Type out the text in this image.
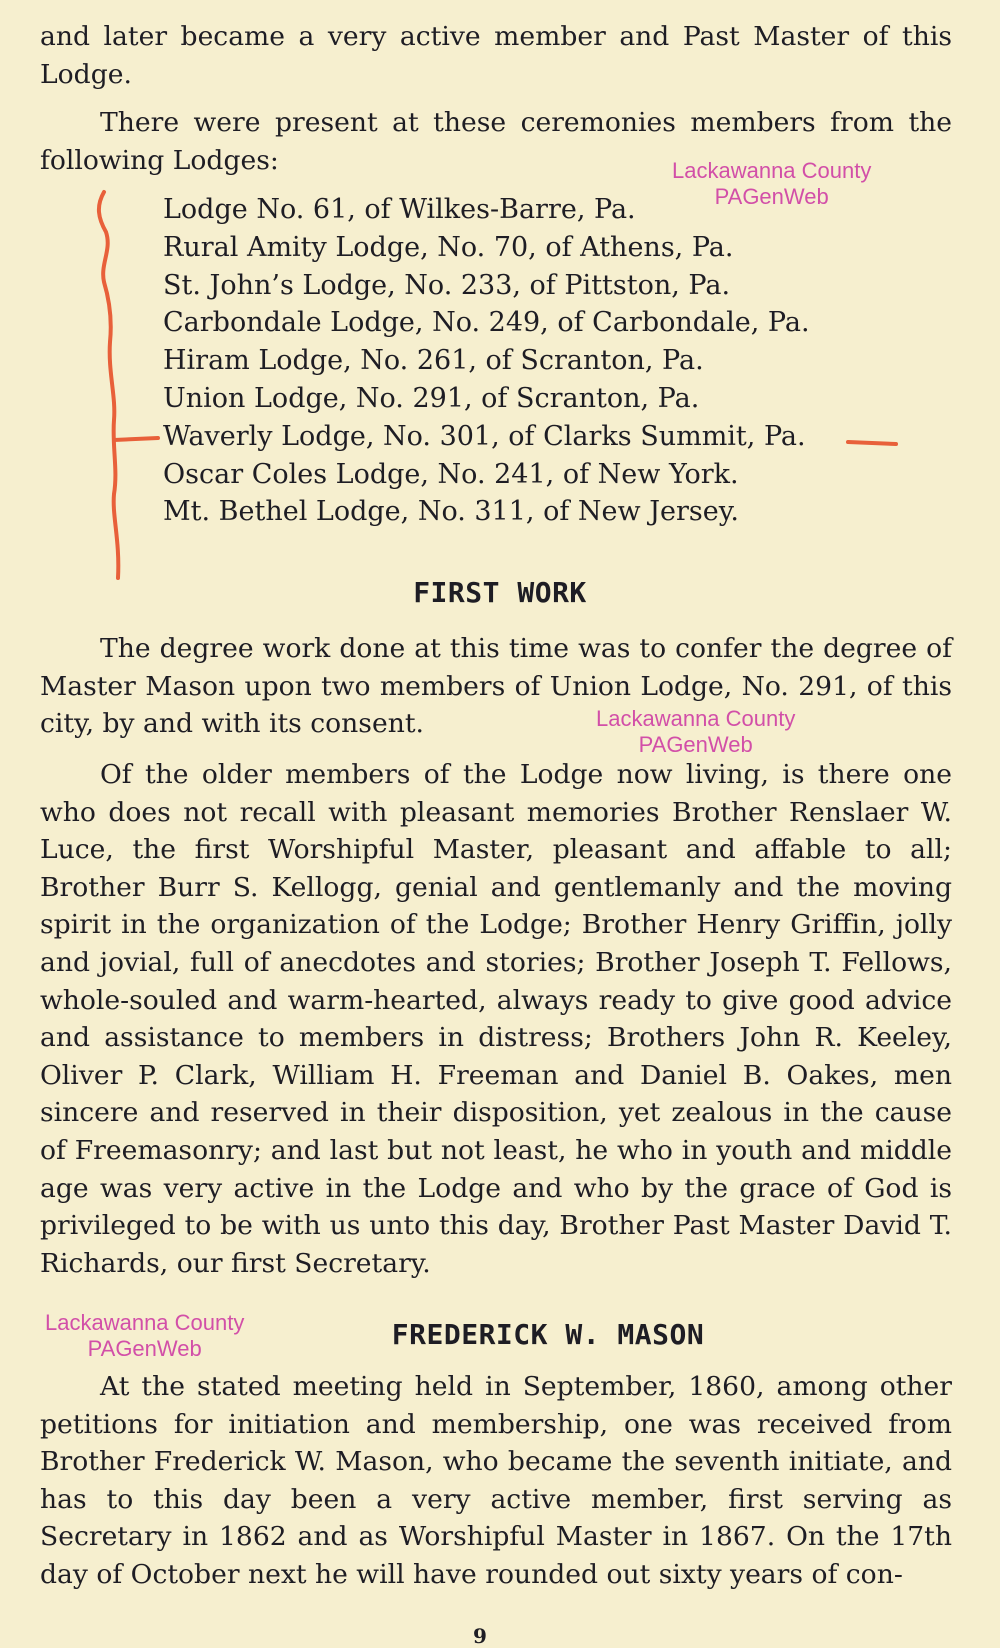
and later became a very active member and Past Master of this Lodge.

There were present at these ceremonies members from the following Lodges:

Lodge No. 61, of Wilkes-Barre, Pa.
Rural Amity Lodge, No. 70, of Athens, Pa.
St. John’s Lodge, No. 233, of Pittston, Pa.
Carbondale Lodge, No. 249, of Carbondale, Pa.
Hiram Lodge, No. 261, of Scranton, Pa.
Union Lodge, No. 291, of Scranton, Pa.
Waverly Lodge, No. 301, of Clarks Summit, Pa.
Oscar Coles Lodge, No. 241, of New York.
Mt. Bethel Lodge, No. 311, of New Jersey.
FIRST WORK

The degree work done at this time was to confer the degree of Master Mason upon two members of Union Lodge, No. 291, of this city, by and with its consent.

Of the older members of the Lodge now living, is there one who does not recall with pleasant memories Brother Renslaer W. Luce, the first Worshipful Master, pleasant and affable to all; Brother Burr S. Kellogg, genial and gentlemanly and the moving spirit in the organization of the Lodge; Brother Henry Griffin, jolly and jovial, full of anecdotes and stories; Brother Joseph T. Fellows, whole-souled and warm-hearted, always ready to give good advice and assistance to members in distress; Brothers John R. Keeley, Oliver P. Clark, William H. Freeman and Daniel B. Oakes, men sincere and reserved in their disposition, yet zealous in the cause of Freemasonry; and last but not least, he who in youth and middle age was very active in the Lodge and who by the grace of God is privileged to be with us unto this day, Brother Past Master David T. Richards, our first Secretary.

FREDERICK W. MASON

At the stated meeting held in September, 1860, among other petitions for initiation and membership, one was received from Brother Frederick W. Mason, who became the seventh initiate, and has to this day been a very active member, first serving as Secretary in 1862 and as Worshipful Master in 1867. On the 17th day of October next he will have rounded out sixty years of con-

Lackawanna County
PAGenWeb
Lackawanna County
PAGenWeb
Lackawanna County
PAGenWeb
9
